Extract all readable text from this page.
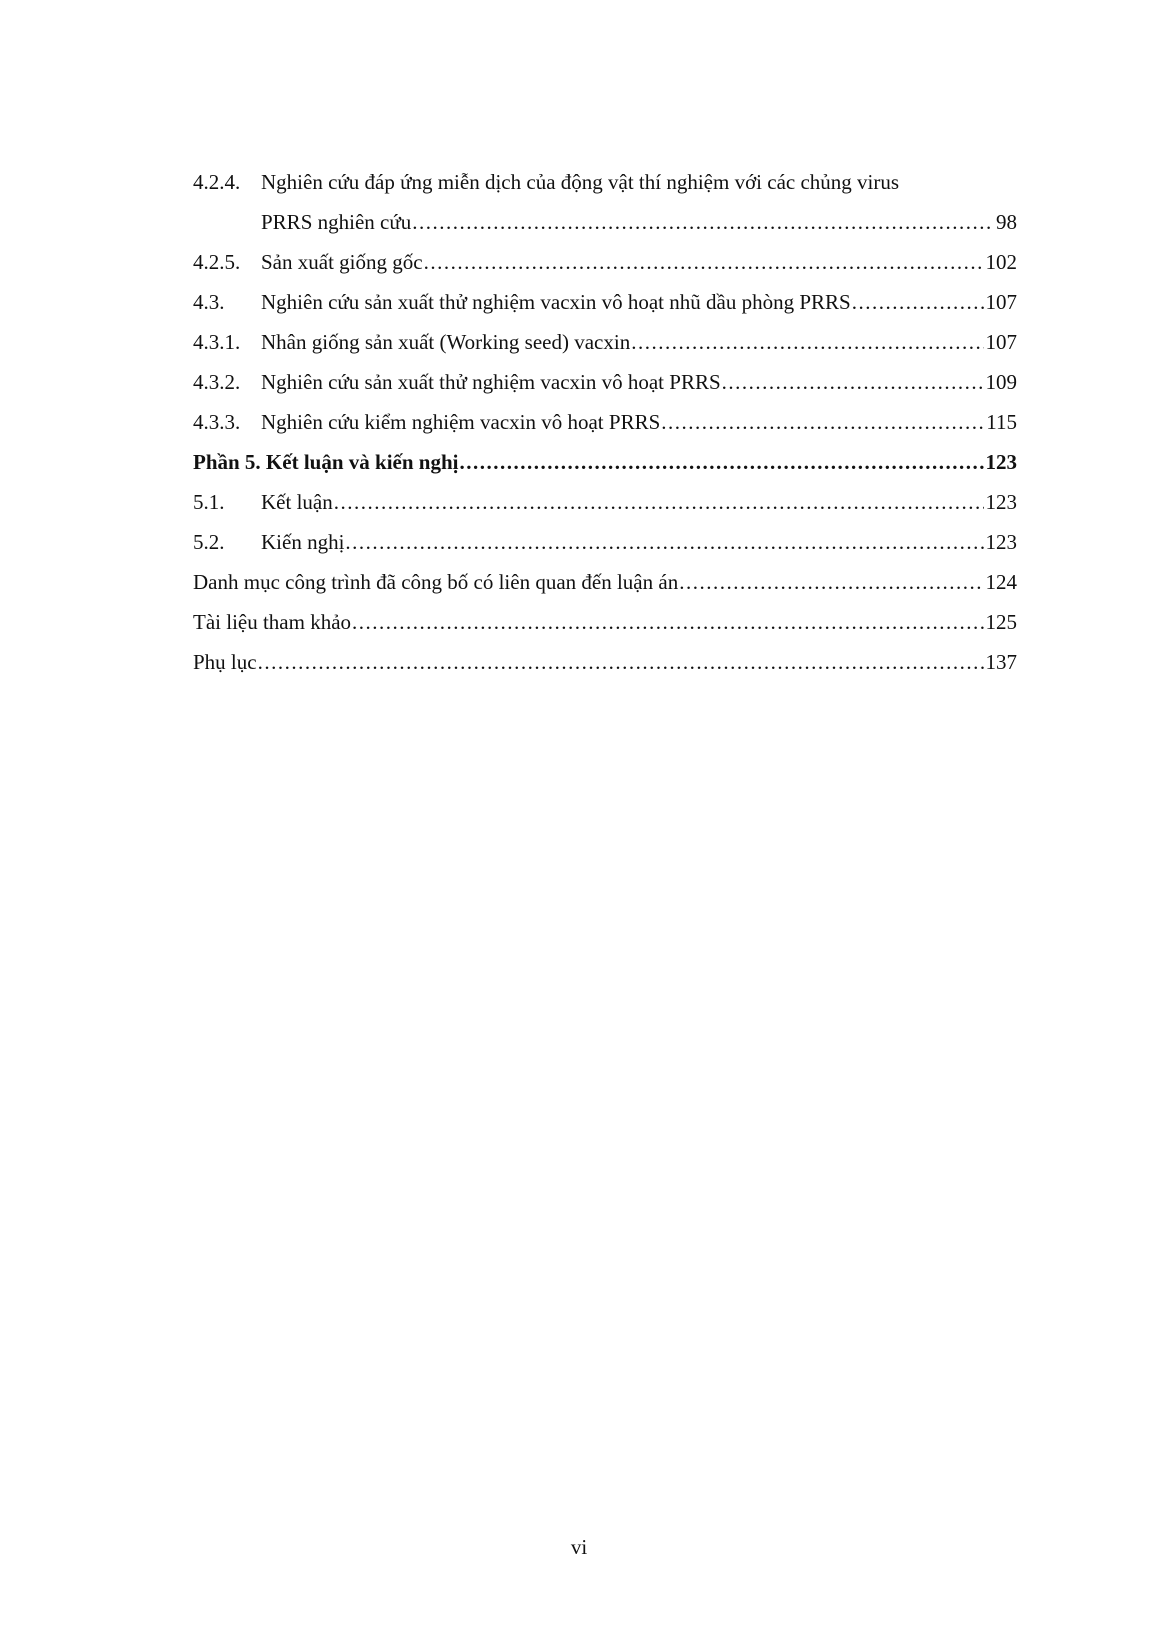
4.2.4. Nghiên cứu đáp ứng miễn dịch của động vật thí nghiệm với các chủng virus
PRRS nghiên cứu .....	98
4.2.5. Sản xuất giống gốc .....	102
4.3.	Nghiên cứu sản xuất thử nghiệm vacxin vô hoạt nhũ dầu phòng PRRS .....	107
4.3.1. Nhân giống sản xuất (Working seed) vacxin .....	107
4.3.2. Nghiên cứu sản xuất thử nghiệm vacxin vô hoạt PRRS .....	109
4.3.3. Nghiên cứu kiểm nghiệm vacxin vô hoạt PRRS .....	115
Phần 5. Kết luận và kiến nghị .....	123
5.1.	Kết luận .....	123
5.2.	Kiến nghị .....	123
Danh mục công trình đã công bố có liên quan đến luận án .....	124
Tài liệu tham khảo .....	125
Phụ lục .....	137
vi
